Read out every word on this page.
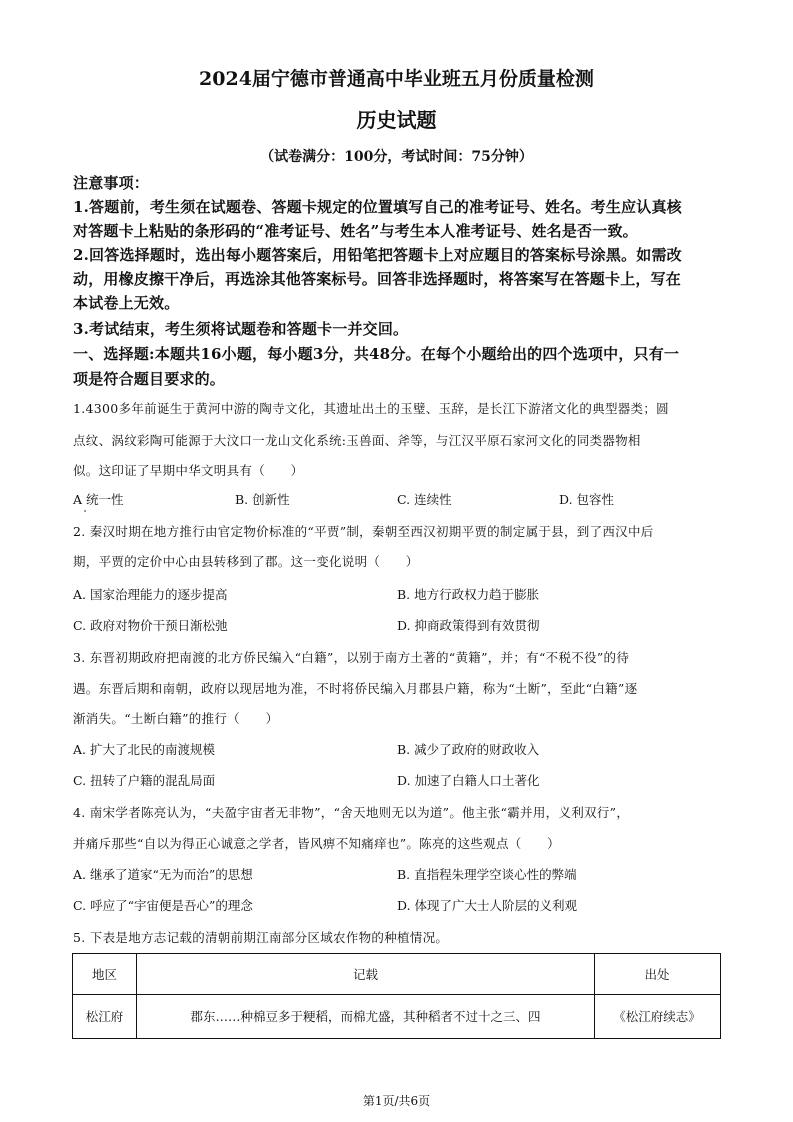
2024届宁德市普通高中毕业班五月份质量检测
历史试题
（试卷满分：100分，考试时间：75分钟）
注意事项：
1.答题前，考生须在试题卷、答题卡规定的位置填写自己的准考证号、姓名。考生应认真核
对答题卡上粘贴的条形码的“准考证号、姓名”与考生本人准考证号、姓名是否一致。
2.回答选择题时，选出每小题答案后，用铅笔把答题卡上对应题目的答案标号涂黑。如需改
动，用橡皮擦干净后，再选涂其他答案标号。回答非选择题时，将答案写在答题卡上，写在
本试卷上无效。
3.考试结束，考生须将试题卷和答题卡一并交回。
一、选择题:本题共16小题，每小题3分，共48分。在每个小题给出的四个选项中，只有一
项是符合题目要求的。
1.4300多年前诞生于黄河中游的陶寺文化，其遗址出土的玉璧、玉辞，是长江下游渚文化的典型器类；圆
点纹、涡纹彩陶可能源于大汶口一龙山文化系统:玉兽面、斧等，与江汉平原石家河文化的同类器物相
似。这印证了早期中华文明具有（　　）
A 统一性	B. 创新性	C. 连续性	D. 包容性
2. 秦汉时期在地方推行由官定物价标准的“平贾”制，秦朝至西汉初期平贾的制定属于县，到了西汉中后
期，平贾的定价中心由县转移到了郡。这一变化说明（　　）
A. 国家治理能力的逐步提高	B. 地方行政权力趋于膨胀
C. 政府对物价干预日渐松弛	D. 抑商政策得到有效贯彻
3. 东晋初期政府把南渡的北方侨民编入“白籍”，以别于南方土著的“黄籍”，并；有“不税不役”的待
遇。东晋后期和南朝，政府以现居地为准，不时将侨民编入月郡县户籍，称为“土断”，至此“白籍”逐
渐消失。“土断白籍”的推行（　　）
A. 扩大了北民的南渡规模	B. 减少了政府的财政收入
C. 扭转了户籍的混乱局面	D. 加速了白籍人口土著化
4. 南宋学者陈亮认为，“夫盈宇宙者无非物”，“舍天地则无以为道”。他主张“霸并用，义利双行”，
并痛斥那些“自以为得正心诚意之学者，皆风痹不知痛痒也”。陈亮的这些观点（　　）
A. 继承了道家“无为而治”的思想	B. 直指程朱理学空谈心性的弊端
C. 呼应了“宇宙便是吾心”的理念	D. 体现了广大士人阶层的义利观
5. 下表是地方志记载的清朝前期江南部分区域农作物的种植情况。
地区	记载	出处
松江府	郡东……种棉豆多于粳稻，而棉尤盛，其种稻者不过十之三、四	《松江府续志》
第1页/共6页
